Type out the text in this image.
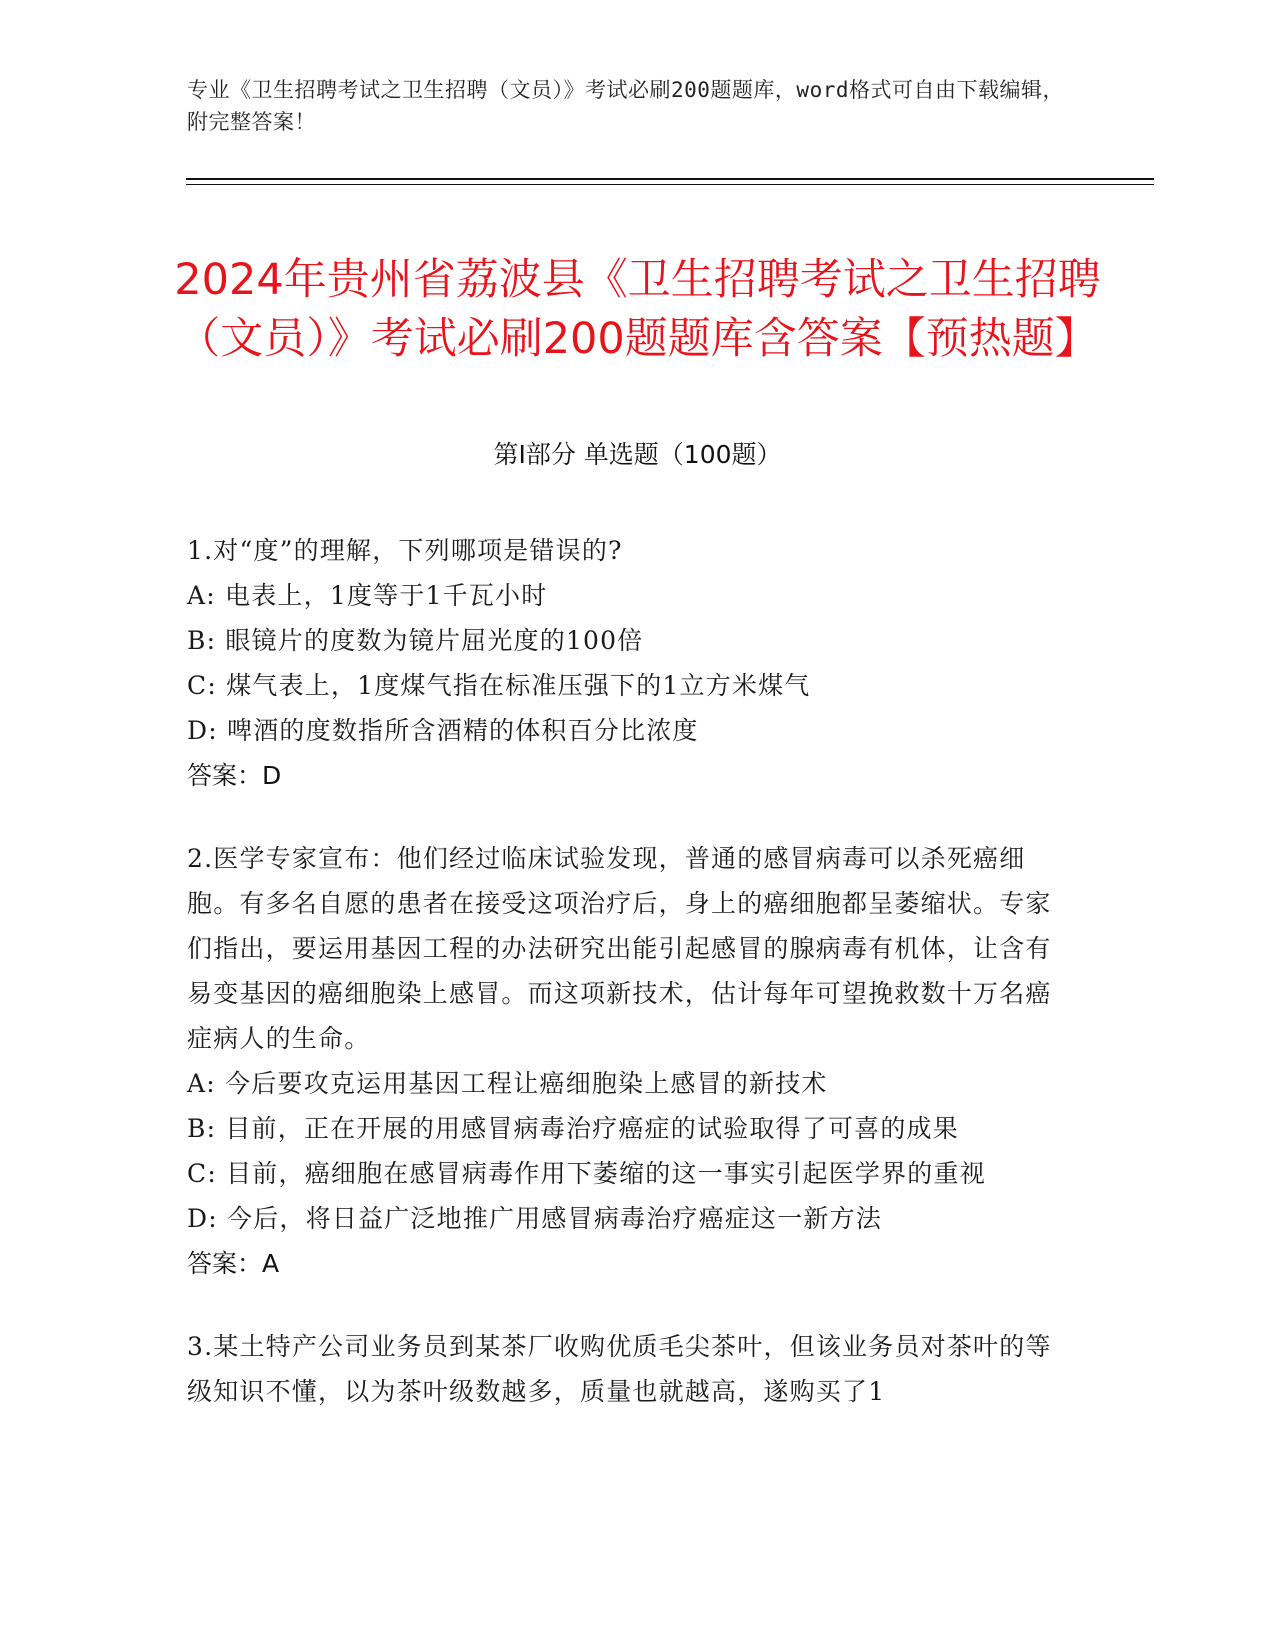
专业《卫生招聘考试之卫生招聘（文员）》考试必刷200题题库，word格式可自由下载编辑，附完整答案！
2024年贵州省荔波县《卫生招聘考试之卫生招聘（文员）》考试必刷200题题库含答案【预热题】
第I部分 单选题（100题）

1.对“度”的理解，下列哪项是错误的?

A: 电表上，1度等于1千瓦小时

B: 眼镜片的度数为镜片屈光度的100倍

C: 煤气表上，1度煤气指在标准压强下的1立方米煤气

D: 啤酒的度数指所含酒精的体积百分比浓度

答案：D

2.医学专家宣布：他们经过临床试验发现，普通的感冒病毒可以杀死癌细胞。有多名自愿的患者在接受这项治疗后，身上的癌细胞都呈萎缩状。专家们指出，要运用基因工程的办法研究出能引起感冒的腺病毒有机体，让含有易变基因的癌细胞染上感冒。而这项新技术，估计每年可望挽救数十万名癌症病人的生命。

A: 今后要攻克运用基因工程让癌细胞染上感冒的新技术

B: 目前，正在开展的用感冒病毒治疗癌症的试验取得了可喜的成果

C: 目前，癌细胞在感冒病毒作用下萎缩的这一事实引起医学界的重视

D: 今后，将日益广泛地推广用感冒病毒治疗癌症这一新方法

答案：A

3.某土特产公司业务员到某茶厂收购优质毛尖茶叶，但该业务员对茶叶的等级知识不懂，以为茶叶级数越多，质量也就越高，遂购买了1
